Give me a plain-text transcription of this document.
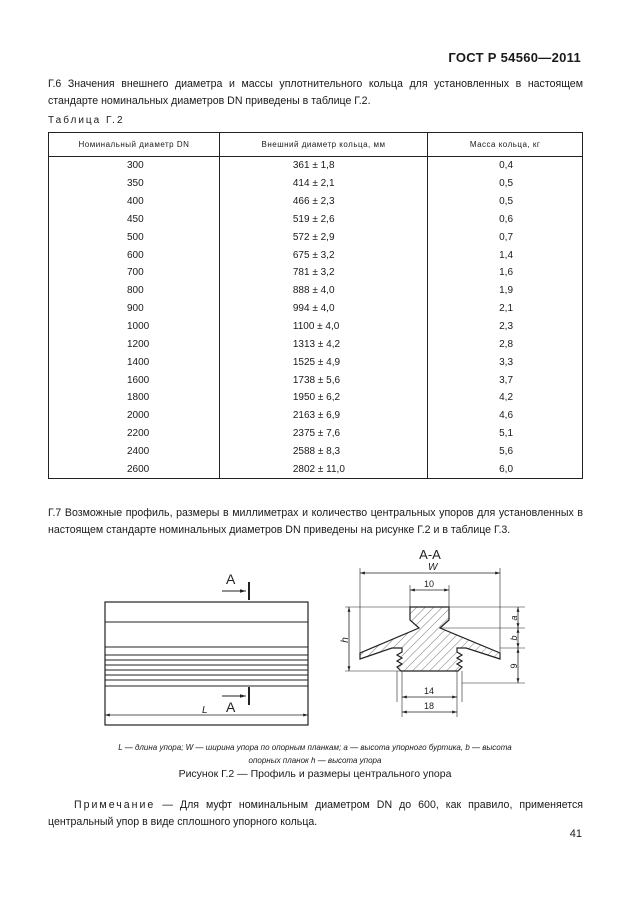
ГОСТ Р 54560—2011
Г.6 Значения внешнего диаметра и массы уплотнительного кольца для установленных в настоящем стандарте номинальных диаметров DN приведены в таблице Г.2.
Таблица Г.2
Номинальный диаметр DN	Внешний диаметр кольца, мм	Масса кольца, кг
300	361 ± 1,8	0,4
350	414 ± 2,1	0,5
400	466 ± 2,3	0,5
450	519 ± 2,6	0,6
500	572 ± 2,9	0,7
600	675 ± 3,2	1,4
700	781 ± 3,2	1,6
800	888 ± 4,0	1,9
900	994 ± 4,0	2,1
1000	1100 ± 4,0	2,3
1200	1313 ± 4,2	2,8
1400	1525 ± 4,9	3,3
1600	1738 ± 5,6	3,7
1800	1950 ± 6,2	4,2
2000	2163 ± 6,9	4,6
2200	2375 ± 7,6	5,1
2400	2588 ± 8,3	5,6
2600	2802 ± 11,0	6,0
Г.7 Возможные профиль, размеры в миллиметрах и количество центральных упоров для установленных в настоящем стандарте номинальных диаметров DN приведены на рисунке Г.2 и в таблице Г.3.
A
A
L
А-А
W
10
14
18
a
b
9
h
L — длина упора; W — ширина упора по опорным планкам; a — высота упорного буртика, b — высота
опорных планок h — высота упора
Рисунок Г.2 — Профиль и размеры центрального упора
Примечание — Для муфт номинальным диаметром DN до 600, как правило, применяется центральный упор в виде сплошного упорного кольца.
41
